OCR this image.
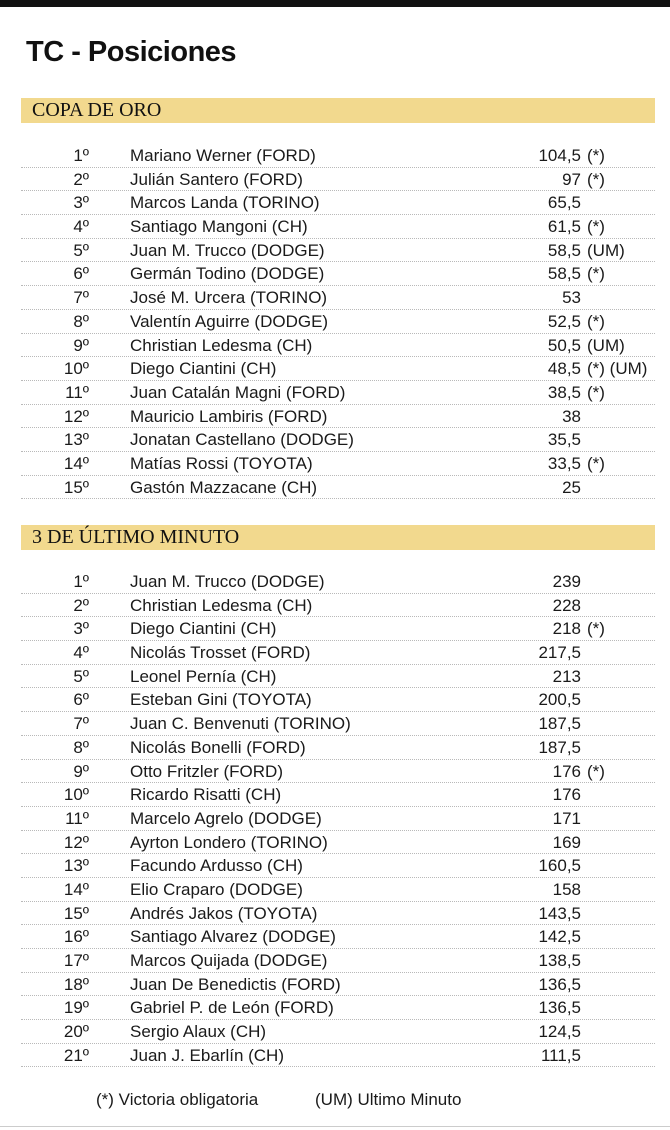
TC - Posiciones
COPA DE ORO
1º Mariano Werner (FORD)	104,5 (*)
2º Julián Santero (FORD)	97 (*)
3º Marcos Landa (TORINO)	65,5
4º Santiago Mangoni (CH)	61,5 (*)
5º Juan M. Trucco (DODGE)	58,5 (UM)
6º Germán Todino (DODGE)	58,5 (*)
7º José M. Urcera (TORINO)	53
8º Valentín Aguirre (DODGE)	52,5 (*)
9º Christian Ledesma (CH)	50,5 (UM)
10º Diego Ciantini (CH)	48,5 (*) (UM)
11º Juan Catalán Magni (FORD)	38,5 (*)
12º Mauricio Lambiris (FORD)	38
13º Jonatan Castellano (DODGE)	35,5
14º Matías Rossi (TOYOTA)	33,5 (*)
15º Gastón Mazzacane (CH)	25
3 DE ÚLTIMO MINUTO
1º Juan M. Trucco (DODGE)	239
2º Christian Ledesma (CH)	228
3º Diego Ciantini (CH)	218 (*)
4º Nicolás Trosset (FORD)	217,5
5º Leonel Pernía (CH)	213
6º Esteban Gini (TOYOTA)	200,5
7º Juan C. Benvenuti (TORINO)	187,5
8º Nicolás Bonelli (FORD)	187,5
9º Otto Fritzler (FORD)	176 (*)
10º Ricardo Risatti (CH)	176
11º Marcelo Agrelo (DODGE)	171
12º Ayrton Londero (TORINO)	169
13º Facundo Ardusso (CH)	160,5
14º Elio Craparo (DODGE)	158
15º Andrés Jakos (TOYOTA)	143,5
16º Santiago Alvarez (DODGE)	142,5
17º Marcos Quijada (DODGE)	138,5
18º Juan De Benedictis (FORD)	136,5
19º Gabriel P. de León (FORD)	136,5
20º Sergio Alaux (CH)	124,5
21º Juan J. Ebarlín (CH)	111,5
(*) Victoria obligatoria	(UM) Ultimo Minuto
